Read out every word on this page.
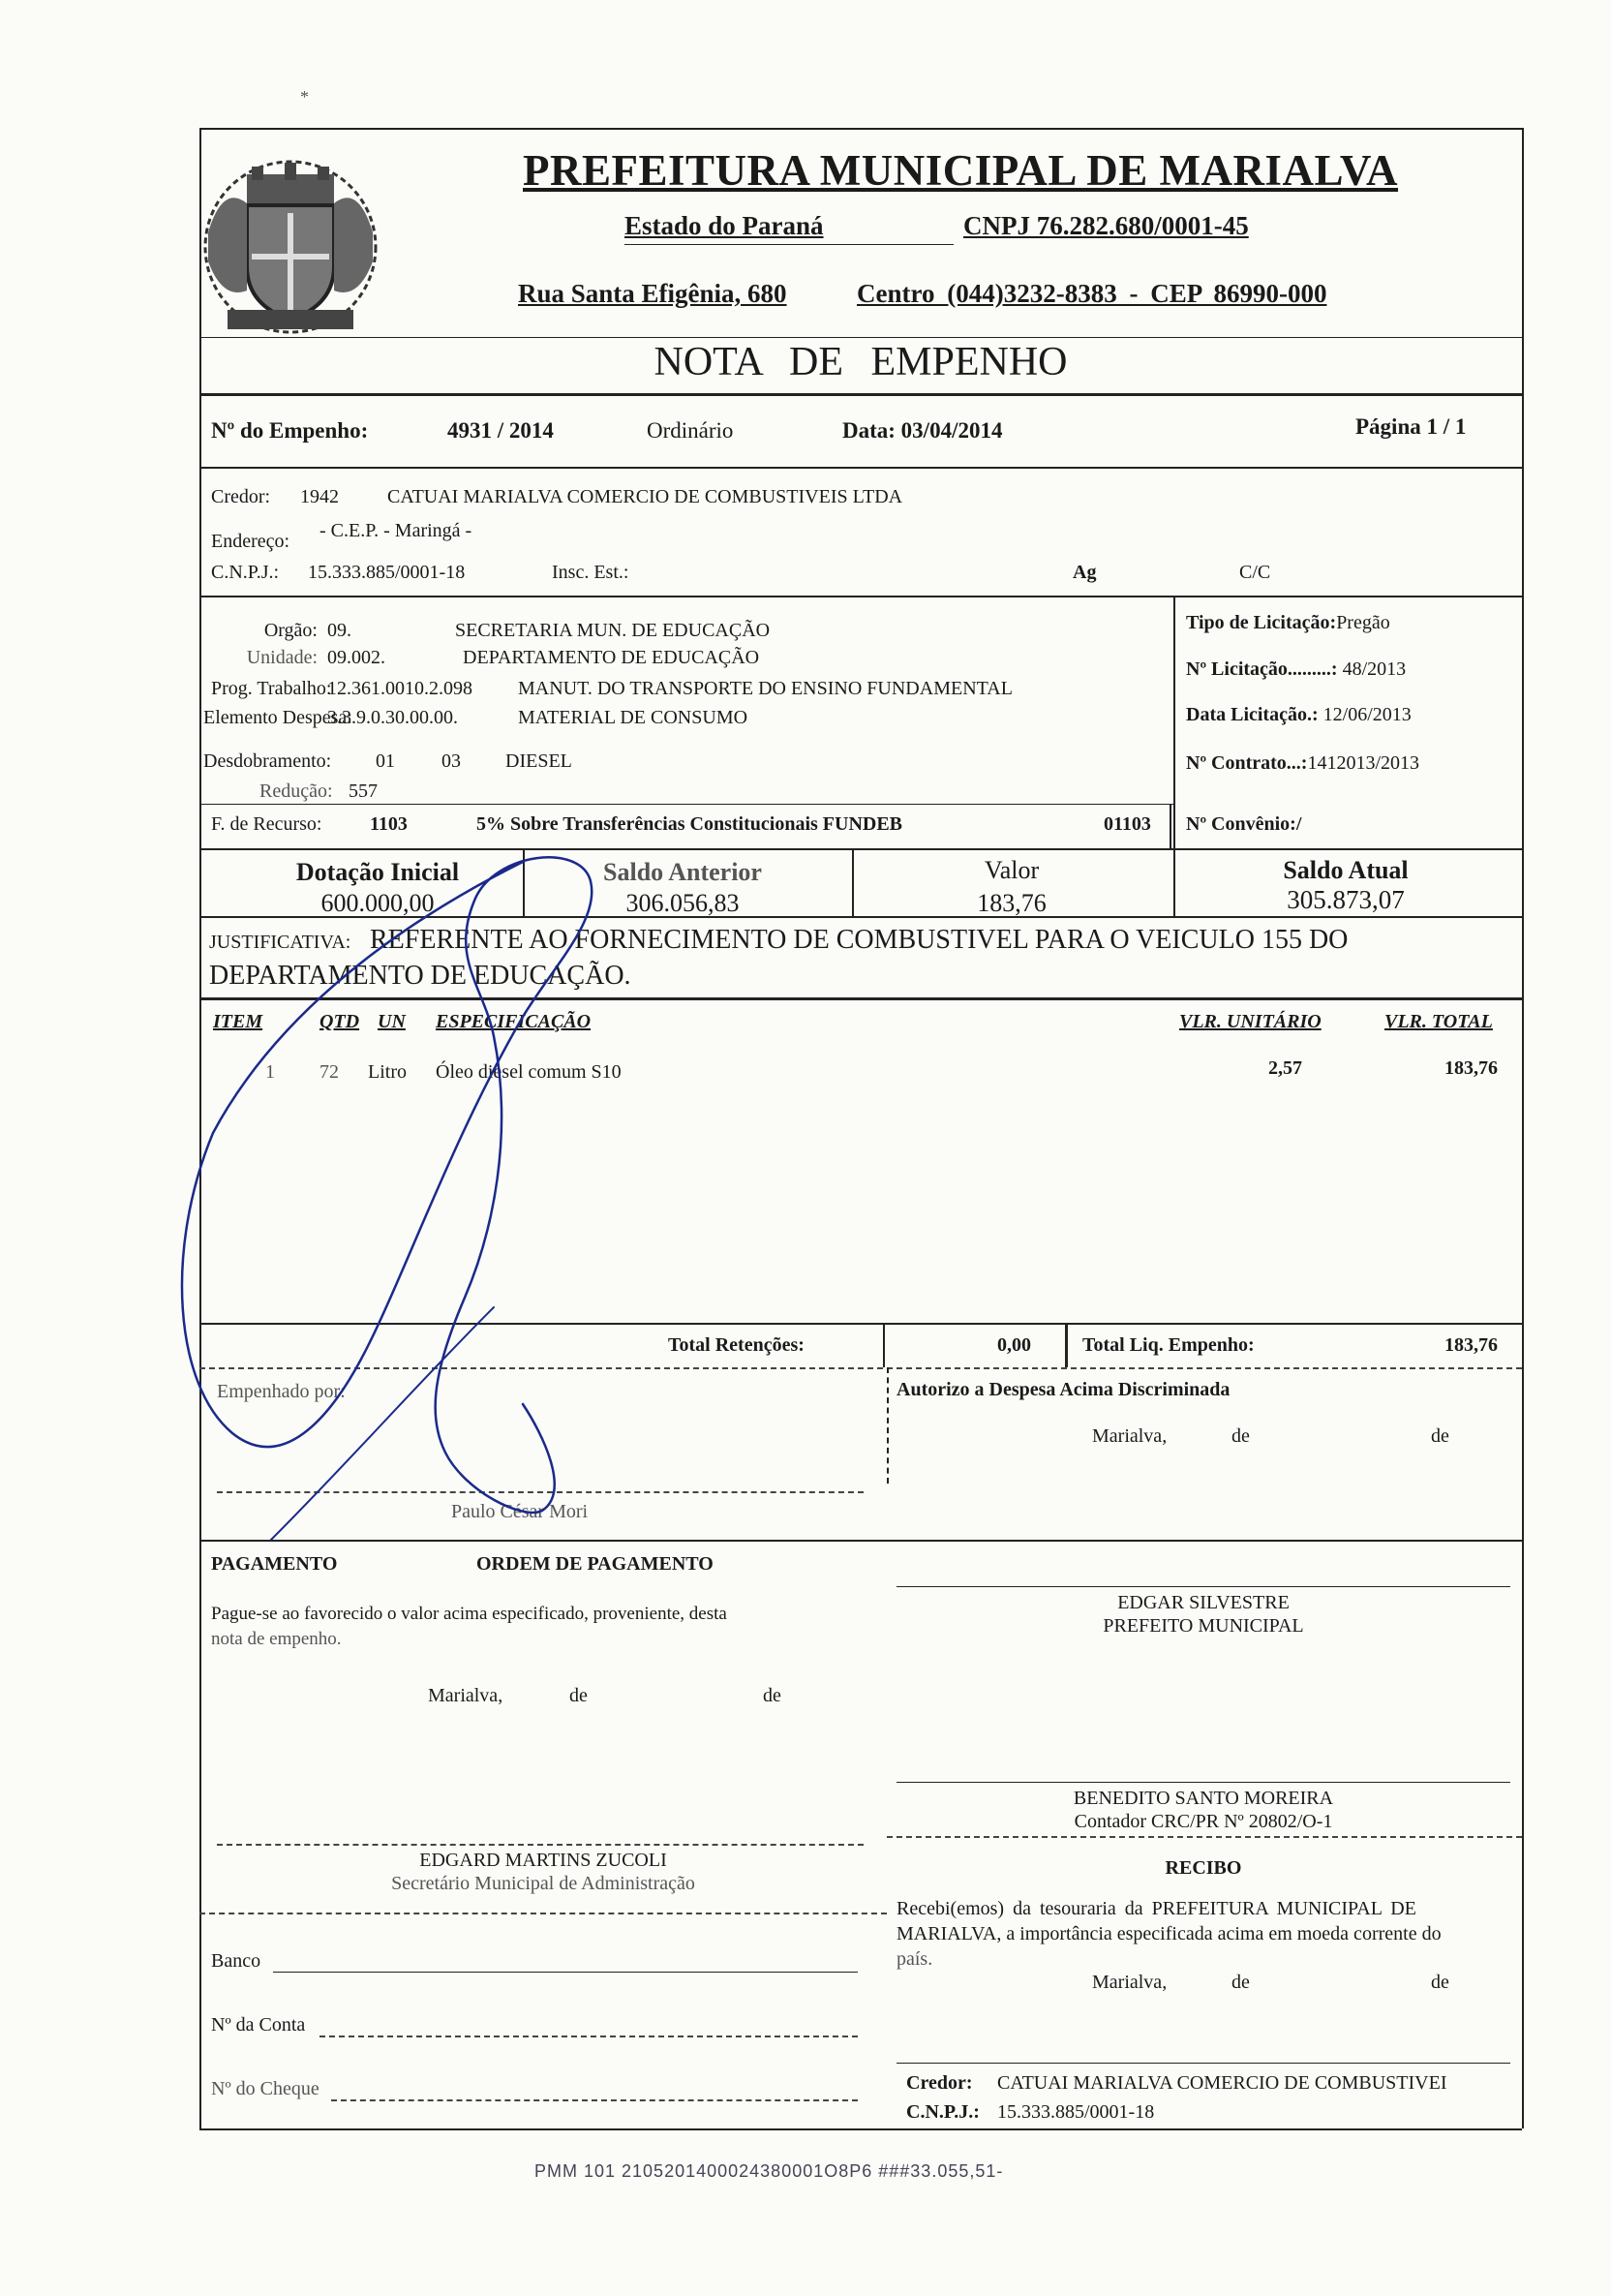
*
PREFEITURA MUNICIPAL DE MARIALVA
Estado do Paraná	CNPJ 76.282.680/0001-45
Rua Santa Efigênia, 680	Centro (044)3232-8383 - CEP 86990-000
NOTA DE EMPENHO
Nº do Empenho:	4931 / 2014	Ordinário	Data: 03/04/2014	Página 1 / 1
Credor: 1942	CATUAI MARIALVA COMERCIO DE COMBUSTIVEIS LTDA
Endereço: - C.E.P. - Maringá -
C.N.P.J.: 15.333.885/0001-18	Insc. Est.:	Ag	C/C
Orgão: 09.	SECRETARIA MUN. DE EDUCAÇÃO
Unidade: 09.002.	DEPARTAMENTO DE EDUCAÇÃO
Prog. Trabalho:
12.361.0010.2.098 MANUT. DO TRANSPORTE DO ENSINO FUNDAMENTAL
Elemento Despesa:
3.3.9.0.30.00.00.	MATERIAL DE CONSUMO
Desdobramento: 01 03 DIESEL
Redução: 557
F. de Recurso: 1103	5% Sobre Transferências Constitucionais FUNDEB	01103
Tipo de Licitação:Pregão
Nº Licitação.........: 48/2013
Data Licitação.: 12/06/2013
Nº Contrato...:1412013/2013
Nº Convênio:/
Dotação Inicial
600.000,00
Saldo Anterior
306.056,83
Valor
183,76
Saldo Atual
305.873,07
JUSTIFICATIVA: REFERENTE AO FORNECIMENTO DE COMBUSTIVEL PARA O VEICULO 155 DO
DEPARTAMENTO DE EDUCAÇÃO.
ITEM	QTD UN ESPECIFICAÇÃO	VLR. UNITÁRIO	VLR. TOTAL
1 72 Litro Óleo diesel comum S10	2,57	183,76
Total Retenções:	0,00	Total Liq. Empenho:	183,76
Empenhado por:	Autorizo a Despesa Acima Discriminada
Marialva,	de	de
Paulo César Mori
PAGAMENTO	ORDEM DE PAGAMENTO
Pague-se ao favorecido o valor acima especificado, proveniente, desta
nota de empenho.
Marialva,	de	de
EDGAR SILVESTRE
PREFEITO MUNICIPAL
BENEDITO SANTO MOREIRA
Contador CRC/PR Nº 20802/O-1
EDGARD MARTINS ZUCOLI
Secretário Municipal de Administração
RECIBO
Recebi(emos) da tesouraria da PREFEITURA MUNICIPAL DE
MARIALVA, a importância especificada acima em moeda corrente do
país.
Marialva,	de	de
Banco
Nº da Conta
Nº do Cheque	Credor: CATUAI MARIALVA COMERCIO DE COMBUSTIVEI
C.N.P.J.: 15.333.885/0001-18
PMM 101 2105201400024380001O8P6 ###33.055,51-
